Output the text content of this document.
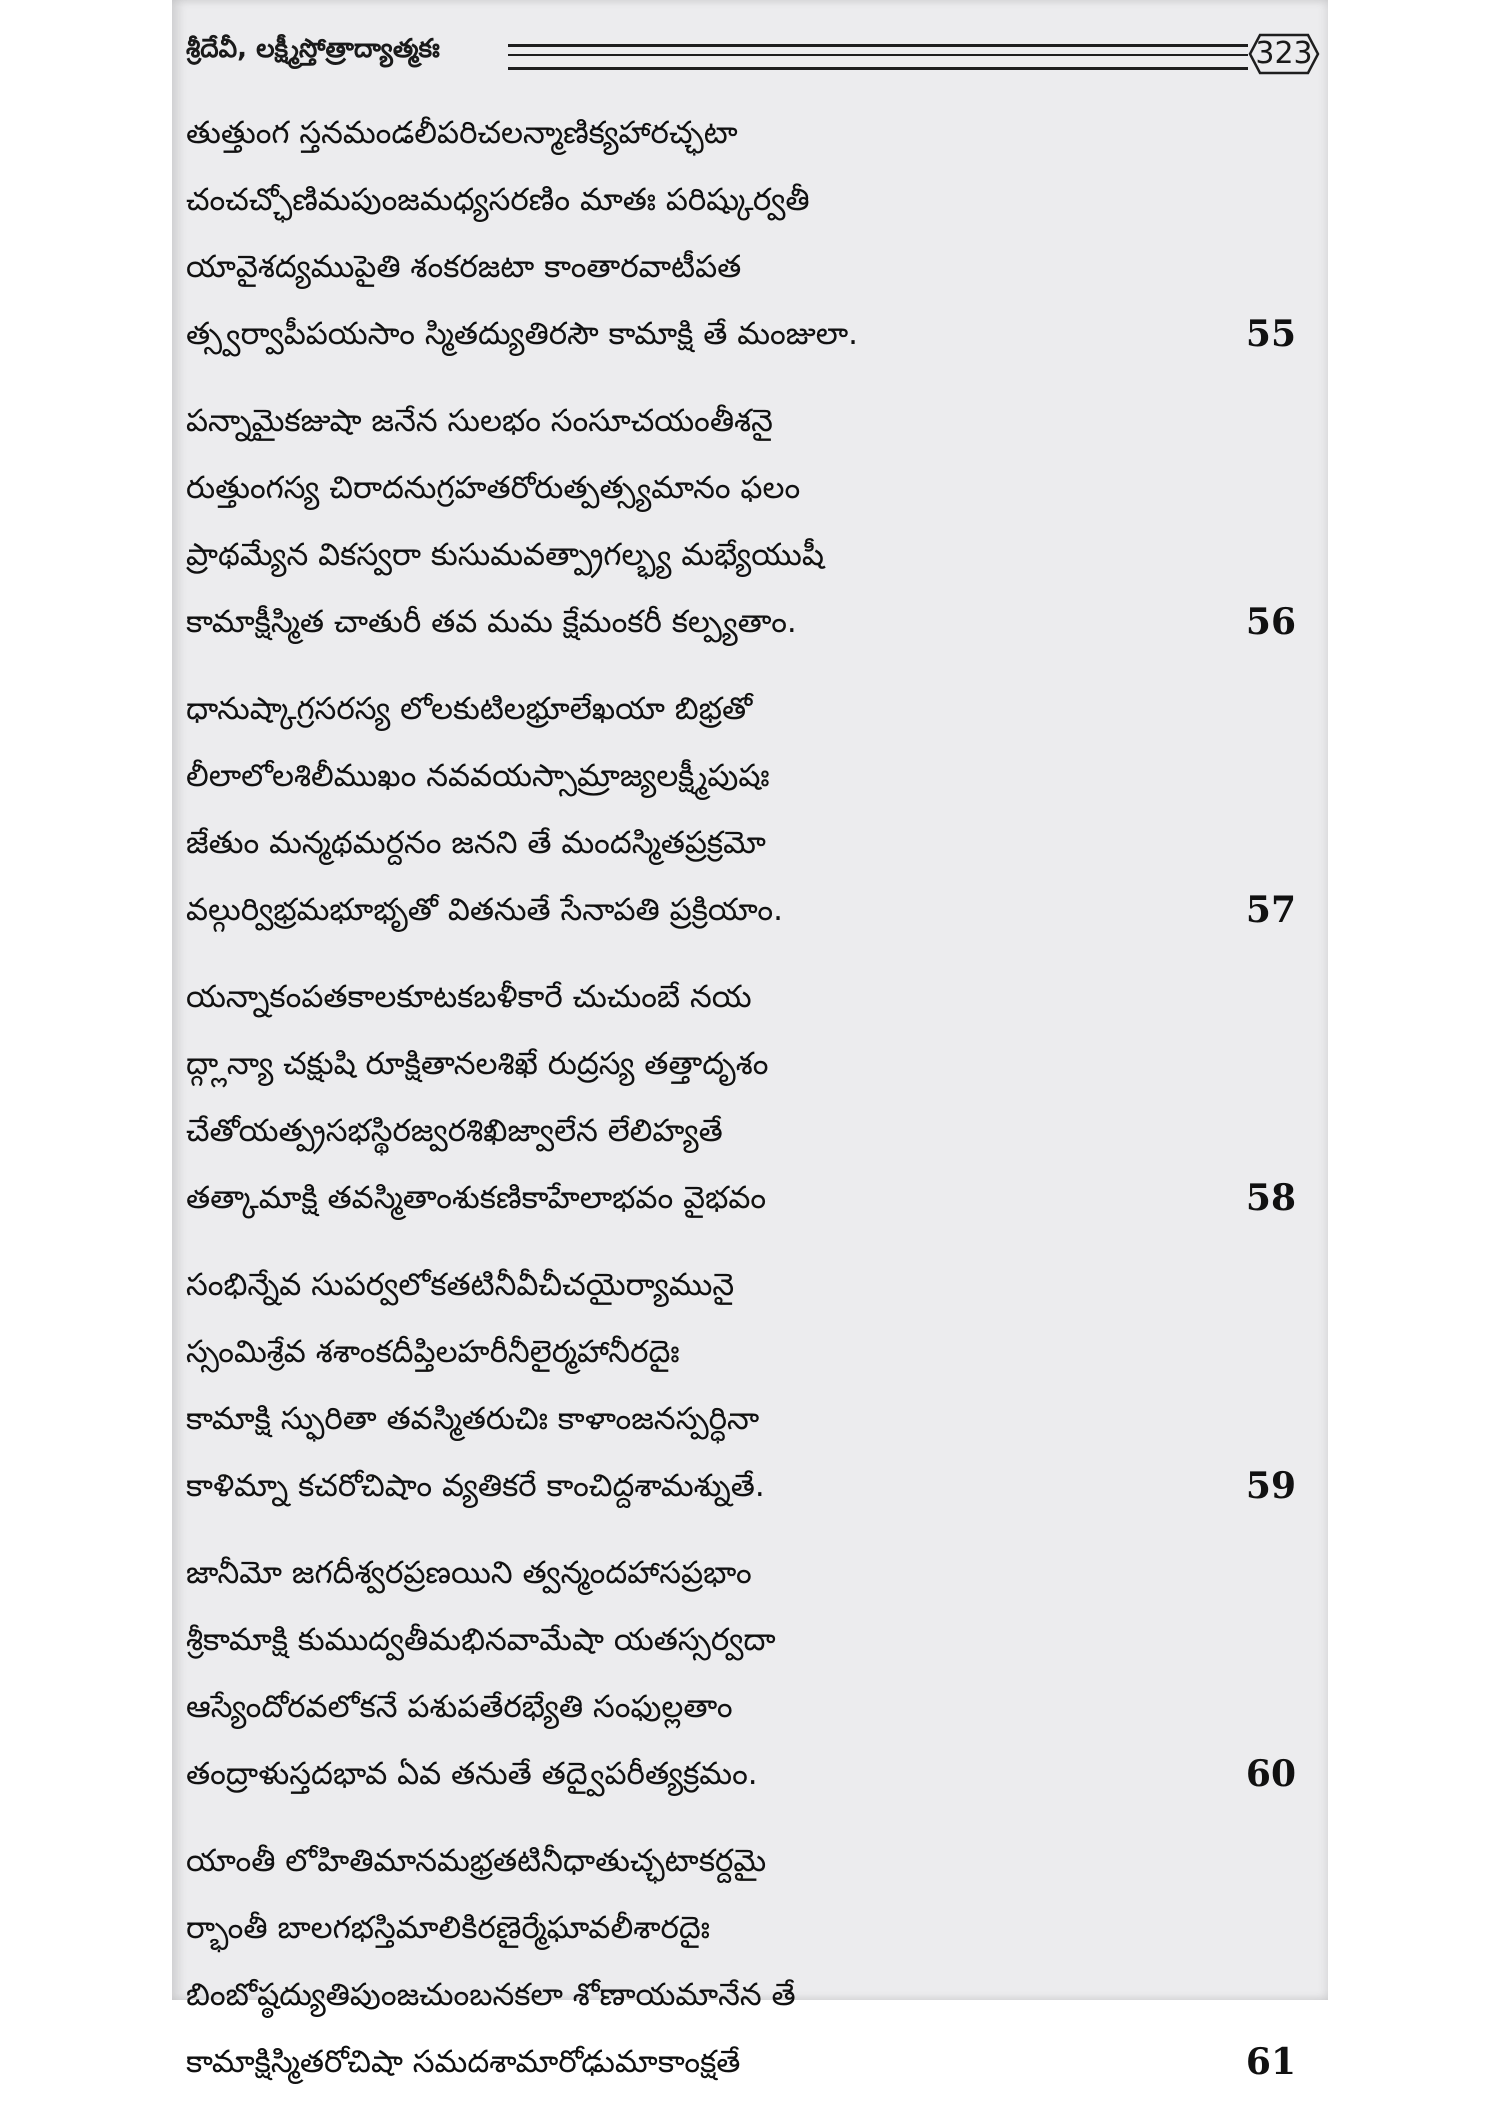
శ్రీదేవీ, లక్ష్మీస్తోత్రాద్యాత్మకః	323
తుత్తుంగ స్తనమండలీపరిచలన్మాణిక్యహారచ్ఛటా
చంచచ్ఛోణిమపుంజమధ్యసరణిం మాతః పరిష్కుర్వతీ
యావైశద్యముపైతి శంకరజటా కాంతారవాటీపత
త్స్వర్వాపీపయసాం స్మితద్యుతిరసౌ కామాక్షి తే మంజులా.	55
పన్నామైకజుషా జనేన సులభం సంసూచయంతీశనై
రుత్తుంగస్య చిరాదనుగ్రహతరోరుత్పత్స్యమానం ఫలం
ప్రాథమ్యేన వికస్వరా కుసుమవత్ప్రాగల్భ్య మభ్యేయుషీ
కామాక్షీస్మిత చాతురీ తవ మమ క్షేమంకరీ కల్ప్యతాం.	56
ధానుష్కాగ్రసరస్య లోలకుటిలభ్రూలేఖయా బిభ్రతో
లీలాలోలశిలీముఖం నవవయస్సామ్రాజ్యలక్ష్మీపుషః
జేతుం మన్మథమర్దనం జనని తే మందస్మితప్రక్రమో
వల్గుర్విభ్రమభూభృతో వితనుతే సేనాపతి ప్రక్రియాం.	57
యన్నాకంపతకాలకూటకబళీకారే చుచుంబే నయ
ద్గ్లాన్యా చక్షుషి రూక్షితానలశిఖే రుద్రస్య తత్తాదృశం
చేతోయత్ప్రసభస్థిరజ్వరశిఖిజ్వాలేన లేలిహ్యతే
తత్కామాక్షి తవస్మితాంశుకణికాహేలాభవం వైభవం	58
సంభిన్నేవ సుపర్వలోకతటినీవీచీచయైర్యామునై
స్సంమిశ్రేవ శశాంకదీప్తిలహరీనీలైర్మహానీరదైః
కామాక్షి స్ఫురితా తవస్మితరుచిః కాళాంజనస్పర్ధినా
కాళిమ్నా కచరోచిషాం వ్యతికరే కాంచిద్దశామశ్నుతే.	59
జానీమో జగదీశ్వరప్రణయిని త్వన్మందహాసప్రభాం
శ్రీకామాక్షి కుముద్వతీమభినవామేషా యతస్సర్వదా
ఆస్యేందోరవలోకనే పశుపతేరభ్యేతి సంఫుల్లతాం
తంద్రాళుస్తదభావ ఏవ తనుతే తద్వైపరీత్యక్రమం.	60
యాంతీ లోహితిమానమభ్రతటినీధాతుచ్ఛటాకర్దమై
ర్భాంతీ బాలగభస్తిమాలికిరణైర్మేఘావలీశారదైః
బింబోష్ఠద్యుతిపుంజచుంబనకలా శోణాయమానేన తే
కామాక్షిస్మితరోచిషా సమదశామారోఢుమాకాంక్షతే	61
